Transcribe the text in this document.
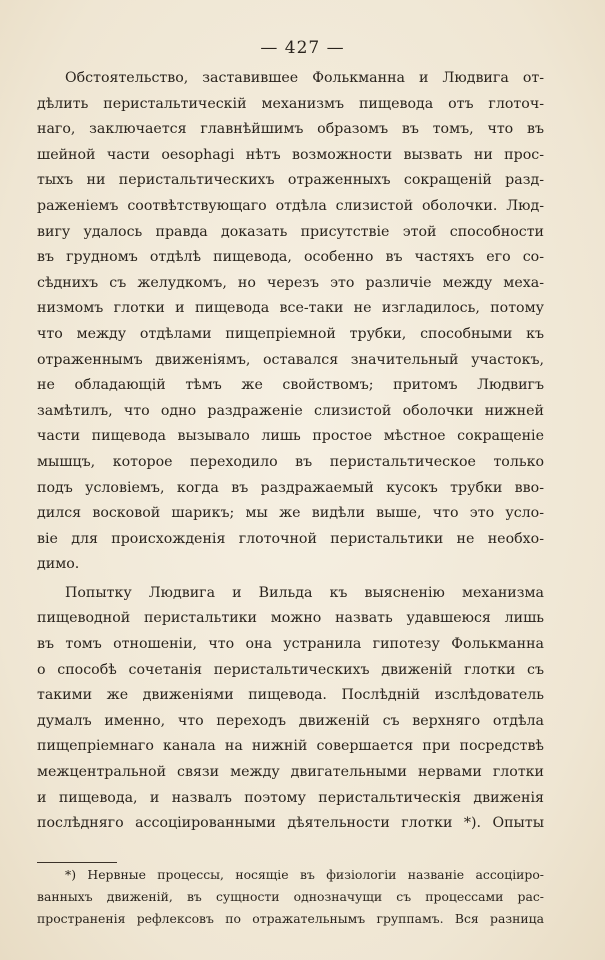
— 427 —
Обстоятельство, заставившее Фолькманна и Людвига от-
дѣлить перистальтическій механизмъ пищевода отъ глоточ-
наго, заключается главнѣйшимъ образомъ въ томъ, что въ
шейной части oesophagi нѣтъ возможности вызвать ни прос-
тыхъ ни перистальтическихъ отраженныхъ сокращеній разд-
раженіемъ соотвѣтствующаго отдѣла слизистой оболочки. Люд-
вигу удалось правда доказать присутствіе этой способности
въ грудномъ отдѣлѣ пищевода, особенно въ частяхъ его со-
сѣднихъ съ желудкомъ, но черезъ это различіе между меха-
низмомъ глотки и пищевода все-таки не изгладилось, потому
что между отдѣлами пищепріемной трубки, способными къ
отраженнымъ движеніямъ, оставался значительный участокъ,
не обладающій тѣмъ же свойствомъ; притомъ Людвигъ
замѣтилъ, что одно раздраженіе слизистой оболочки нижней
части пищевода вызывало лишь простое мѣстное сокращеніе
мышцъ, которое переходило въ перистальтическое только
подъ условіемъ, когда въ раздражаемый кусокъ трубки вво-
дился восковой шарикъ; мы же видѣли выше, что это усло-
віе для происхожденія глоточной перистальтики не необхо-
димо.
Попытку Людвига и Вильда къ выясненію механизма
пищеводной перистальтики можно назвать удавшеюся лишь
въ томъ отношеніи, что она устранила гипотезу Фолькманна
о способѣ сочетанія перистальтическихъ движеній глотки съ
такими же движеніями пищевода. Послѣдній изслѣдователь
думалъ именно, что переходъ движеній съ верхняго отдѣла
пищепріемнаго канала на нижній совершается при посредствѣ
межцентральной связи между двигательными нервами глотки
и пищевода, и назвалъ поэтому перистальтическія движенія
послѣдняго ассоціированными дѣятельности глотки *). Опыты
*) Нервные процессы, носящіе въ физіологіи названіе ассоціиро-
ванныхъ движеній, въ сущности однозначущи съ процессами рас-
пространенія рефлексовъ по отражательнымъ группамъ. Вся разница
